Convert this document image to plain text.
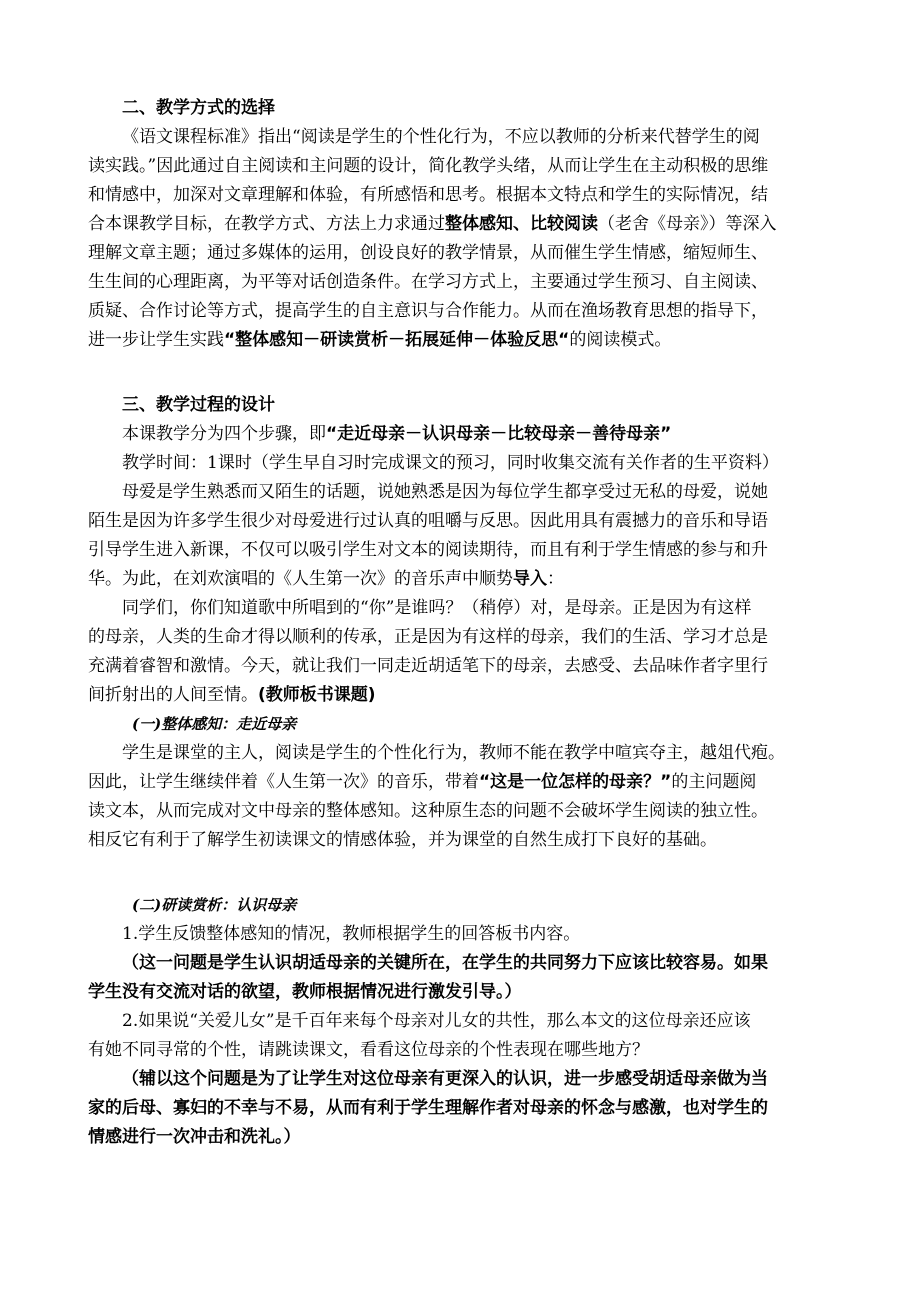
二、教学方式的选择
《语文课程标准》指出“阅读是学生的个性化行为，不应以教师的分析来代替学生的阅
读实践。”因此通过自主阅读和主问题的设计，简化教学头绪，从而让学生在主动积极的思维
和情感中，加深对文章理解和体验，有所感悟和思考。根据本文特点和学生的实际情况，结
合本课教学目标，在教学方式、方法上力求通过整体感知、比较阅读（老舍《母亲》）等深入
理解文章主题；通过多媒体的运用，创设良好的教学情景，从而催生学生情感，缩短师生、
生生间的心理距离，为平等对话创造条件。在学习方式上，主要通过学生预习、自主阅读、
质疑、合作讨论等方式，提高学生的自主意识与合作能力。从而在渔场教育思想的指导下，
进一步让学生实践“整体感知－研读赏析－拓展延伸－体验反思“的阅读模式。
三、教学过程的设计
本课教学分为四个步骤，即“走近母亲－认识母亲－比较母亲－善待母亲”
教学时间：1课时（学生早自习时完成课文的预习，同时收集交流有关作者的生平资料）
母爱是学生熟悉而又陌生的话题，说她熟悉是因为每位学生都享受过无私的母爱，说她
陌生是因为许多学生很少对母爱进行过认真的咀嚼与反思。因此用具有震撼力的音乐和导语
引导学生进入新课，不仅可以吸引学生对文本的阅读期待，而且有利于学生情感的参与和升
华。为此，在刘欢演唱的《人生第一次》的音乐声中顺势导入：
同学们，你们知道歌中所唱到的“你”是谁吗？（稍停）对，是母亲。正是因为有这样
的母亲，人类的生命才得以顺利的传承，正是因为有这样的母亲，我们的生活、学习才总是
充满着睿智和激情。今天，就让我们一同走近胡适笔下的母亲，去感受、去品味作者字里行
间折射出的人间至情。(教师板书课题)
(一)整体感知：走近母亲
学生是课堂的主人，阅读是学生的个性化行为，教师不能在教学中喧宾夺主，越俎代疱。
因此，让学生继续伴着《人生第一次》的音乐，带着“这是一位怎样的母亲？”的主问题阅
读文本，从而完成对文中母亲的整体感知。这种原生态的问题不会破坏学生阅读的独立性。
相反它有利于了解学生初读课文的情感体验，并为课堂的自然生成打下良好的基础。
(二)研读赏析：认识母亲
1.学生反馈整体感知的情况，教师根据学生的回答板书内容。
（这一问题是学生认识胡适母亲的关键所在，在学生的共同努力下应该比较容易。如果
学生没有交流对话的欲望，教师根据情况进行激发引导。）
2.如果说“关爱儿女”是千百年来每个母亲对儿女的共性，那么本文的这位母亲还应该
有她不同寻常的个性，请跳读课文，看看这位母亲的个性表现在哪些地方？
（辅以这个问题是为了让学生对这位母亲有更深入的认识，进一步感受胡适母亲做为当
家的后母、寡妇的不幸与不易，从而有利于学生理解作者对母亲的怀念与感激，也对学生的
情感进行一次冲击和洗礼。）
